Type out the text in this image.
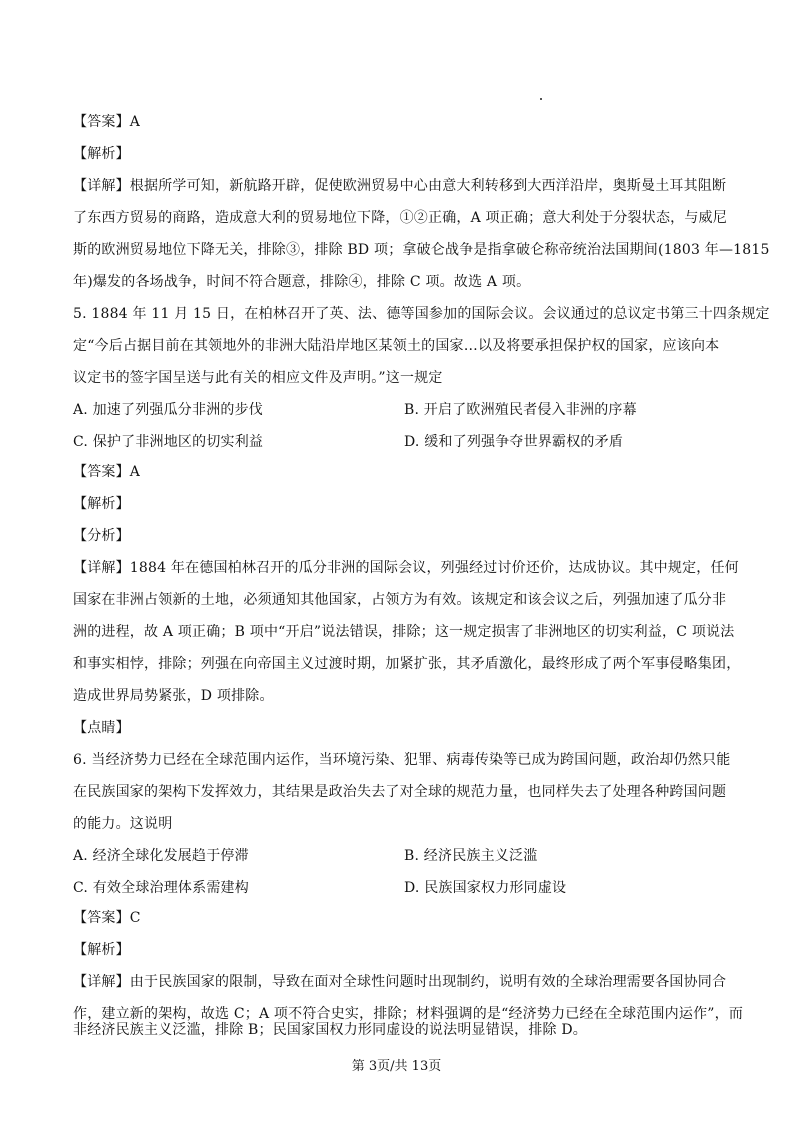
【答案】A
【解析】
【详解】根据所学可知，新航路开辟，促使欧洲贸易中心由意大利转移到大西洋沿岸，奥斯曼土耳其阻断
了东西方贸易的商路，造成意大利的贸易地位下降，①②正确，A 项正确；意大利处于分裂状态，与威尼
斯的欧洲贸易地位下降无关，排除③，排除 BD 项；拿破仑战争是指拿破仑称帝统治法国期间(1803 年—1815
年)爆发的各场战争，时间不符合题意，排除④，排除 C 项。故选 A 项。
5. 1884 年 11 月 15 日，在柏林召开了英、法、德等国参加的国际会议。会议通过的总议定书第三十四条规定
定“今后占据目前在其领地外的非洲大陆沿岸地区某领土的国家…以及将要承担保护权的国家，应该向本
议定书的签字国呈送与此有关的相应文件及声明。”这一规定
A. 加速了列强瓜分非洲的步伐	B. 开启了欧洲殖民者侵入非洲的序幕
C. 保护了非洲地区的切实利益	D. 缓和了列强争夺世界霸权的矛盾
【答案】A
【解析】
【分析】
【详解】1884 年在德国柏林召开的瓜分非洲的国际会议，列强经过讨价还价，达成协议。其中规定，任何
国家在非洲占领新的土地，必须通知其他国家，占领方为有效。该规定和该会议之后，列强加速了瓜分非
洲的进程，故 A 项正确；B 项中“开启”说法错误，排除；这一规定损害了非洲地区的切实利益，C 项说法
和事实相悖，排除；列强在向帝国主义过渡时期，加紧扩张，其矛盾激化，最终形成了两个军事侵略集团，
造成世界局势紧张，D 项排除。
【点睛】
6. 当经济势力已经在全球范围内运作，当环境污染、犯罪、病毒传染等已成为跨国问题，政治却仍然只能
在民族国家的架构下发挥效力，其结果是政治失去了对全球的规范力量，也同样失去了处理各种跨国问题
的能力。这说明
A. 经济全球化发展趋于停滞	B. 经济民族主义泛滥
C. 有效全球治理体系需建构	D. 民族国家权力形同虚设
【答案】C
【解析】
【详解】由于民族国家的限制，导致在面对全球性问题时出现制约，说明有效的全球治理需要各国协同合
作，建立新的架构，故选 C；A 项不符合史实，排除；材料强调的是“经济势力已经在全球范围内运作”，而
非经济民族主义泛滥，排除 B；民国家国权力形同虚设的说法明显错误，排除 D。
第 3页/共 13页
